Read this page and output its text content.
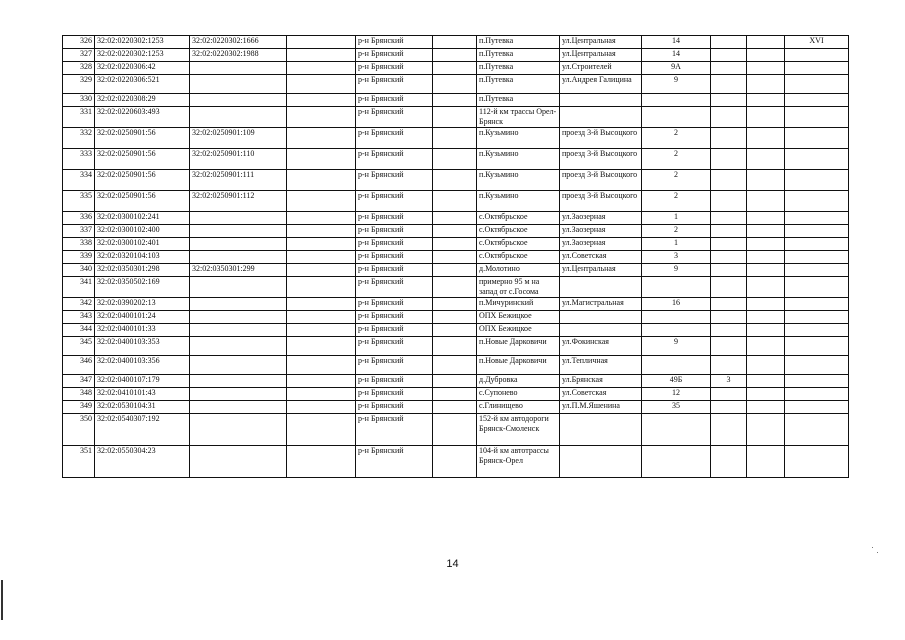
326	32:02:0220302:1253	32:02:0220302:1666		р-н Брянский		п.Путевка	ул.Центральная	14			XVI
327	32:02:0220302:1253	32:02:0220302:1988		р-н Брянский		п.Путевка	ул.Центральная	14			
328	32:02:0220306:42			р-н Брянский		п.Путевка	ул.Строителей	9А			
329	32:02:0220306:521			р-н Брянский		п.Путевка	ул.Андрея Галицина	9			
330	32:02:0220308:29			р-н Брянский		п.Путевка					
331	32:02:0220603:493			р-н Брянский		112-й км трассы Орел-Брянск					
332	32:02:0250901:56	32:02:0250901:109		р-н Брянский		п.Кузьмино	проезд 3-й Высоцкого	2			
333	32:02:0250901:56	32:02:0250901:110		р-н Брянский		п.Кузьмино	проезд 3-й Высоцкого	2			
334	32:02:0250901:56	32:02:0250901:111		р-н Брянский		п.Кузьмино	проезд 3-й Высоцкого	2			
335	32:02:0250901:56	32:02:0250901:112		р-н Брянский		п.Кузьмино	проезд 3-й Высоцкого	2			
336	32:02:0300102:241			р-н Брянский		с.Октябрьское	ул.Заозерная	1			
337	32:02:0300102:400			р-н Брянский		с.Октябрьское	ул.Заозерная	2			
338	32:02:0300102:401			р-н Брянский		с.Октябрьское	ул.Заозерная	1			
339	32:02:0320104:103			р-н Брянский		с.Октябрьское	ул.Советская	3			
340	32:02:0350301:298	32:02:0350301:299		р-н Брянский		д.Молотино	ул.Центральная	9			
341	32:02:0350502:169			р-н Брянский		примерно 95 м на запад от с.Госома					
342	32:02:0390202:13			р-н Брянский		п.Мичуринский	ул.Магистральная	16			
343	32:02:0400101:24			р-н Брянский		ОПХ Бежицкое					
344	32:02:0400101:33			р-н Брянский		ОПХ Бежицкое					
345	32:02:0400103:353			р-н Брянский		п.Новые Дарковичи	ул.Фокинская	9			
346	32:02:0400103:356			р-н Брянский		п.Новые Дарковичи	ул.Тепличная				
347	32:02:0400107:179			р-н Брянский		д.Дубровка	ул.Брянская	49Б	3		
348	32:02:0410101:43			р-н Брянский		с.Супонево	ул.Советская	12			
349	32:02:0530104:31			р-н Брянский		с.Глинищево	ул.П.М.Яшенина	35			
350	32:02:0540307:192			р-н Брянский		152-й км автодороги Брянск-Смоленск					
351	32:02:0550304:23			р-н Брянский		104-й км автотрассы Брянск-Орел					
14
